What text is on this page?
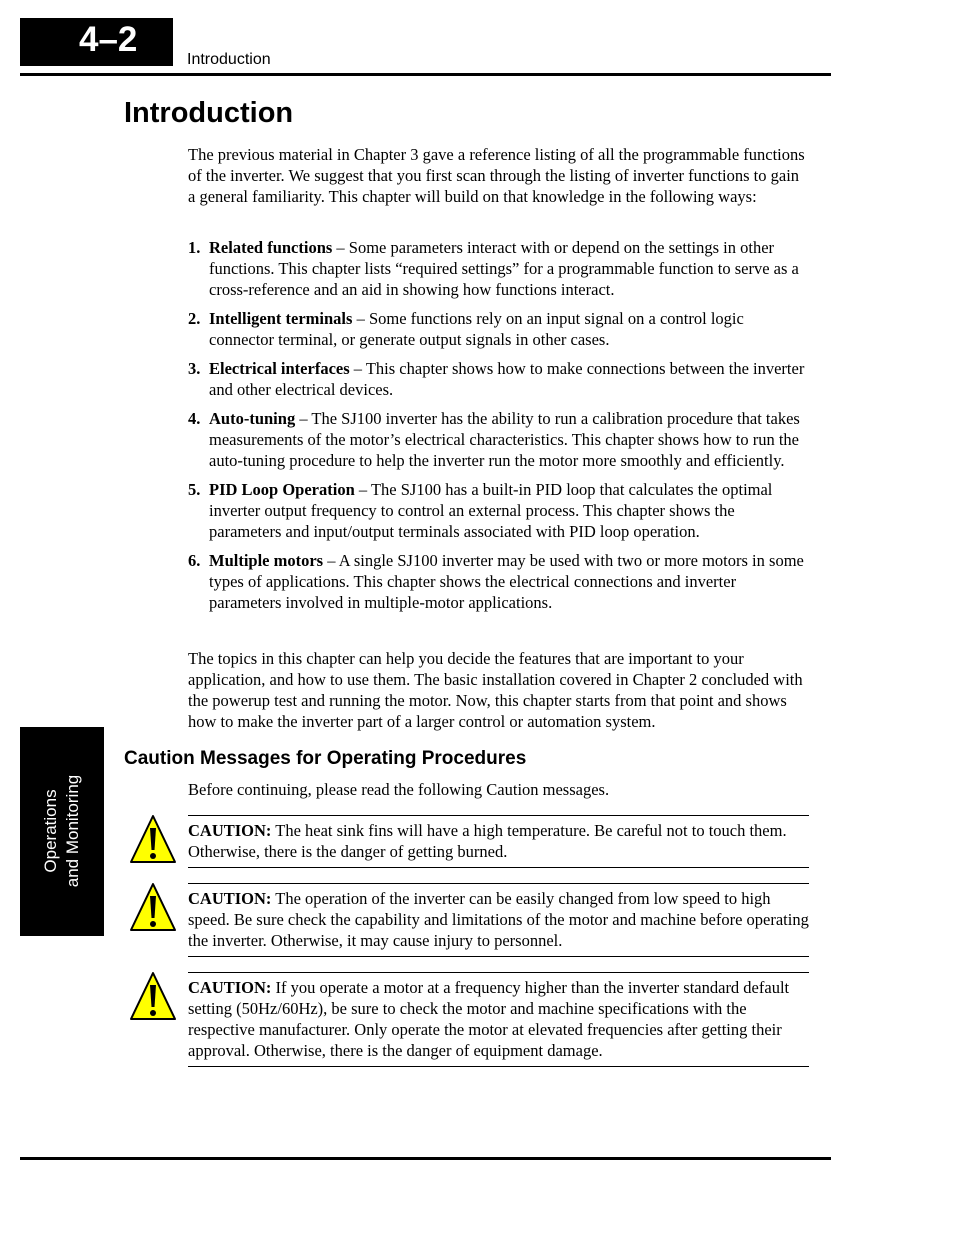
4–2
Introduction
Operations and Monitoring
Introduction

The previous material in Chapter 3 gave a reference listing of all the programmable functions of the inverter. We suggest that you first scan through the listing of inverter functions to gain a general familiarity. This chapter will build on that knowledge in the following ways:

1. Related functions – Some parameters interact with or depend on the settings in other functions. This chapter lists “required settings” for a programmable function to serve as a cross-reference and an aid in showing how functions interact.
2. Intelligent terminals – Some functions rely on an input signal on a control logic connector terminal, or generate output signals in other cases.
3. Electrical interfaces – This chapter shows how to make connections between the inverter and other electrical devices.
4. Auto-tuning – The SJ100 inverter has the ability to run a calibration procedure that takes measurements of the motor’s electrical characteristics. This chapter shows how to run the auto-tuning procedure to help the inverter run the motor more smoothly and efficiently.
5. PID Loop Operation – The SJ100 has a built-in PID loop that calculates the optimal inverter output frequency to control an external process. This chapter shows the parameters and input/output terminals associated with PID loop operation.
6. Multiple motors – A single SJ100 inverter may be used with two or more motors in some types of applications. This chapter shows the electrical connections and inverter parameters involved in multiple-motor applications.

The topics in this chapter can help you decide the features that are important to your application, and how to use them. The basic installation covered in Chapter 2 concluded with the powerup test and running the motor. Now, this chapter starts from that point and shows how to make the inverter part of a larger control or automation system.

Caution Messages for Operating Procedures

Before continuing, please read the following Caution messages.

CAUTION: The heat sink fins will have a high temperature. Be careful not to touch them. Otherwise, there is the danger of getting burned.
CAUTION: The operation of the inverter can be easily changed from low speed to high speed. Be sure check the capability and limitations of the motor and machine before operating the inverter. Otherwise, it may cause injury to personnel.
CAUTION: If you operate a motor at a frequency higher than the inverter standard default setting (50Hz/60Hz), be sure to check the motor and machine specifications with the respective manufacturer. Only operate the motor at elevated frequencies after getting their approval. Otherwise, there is the danger of equipment damage.
